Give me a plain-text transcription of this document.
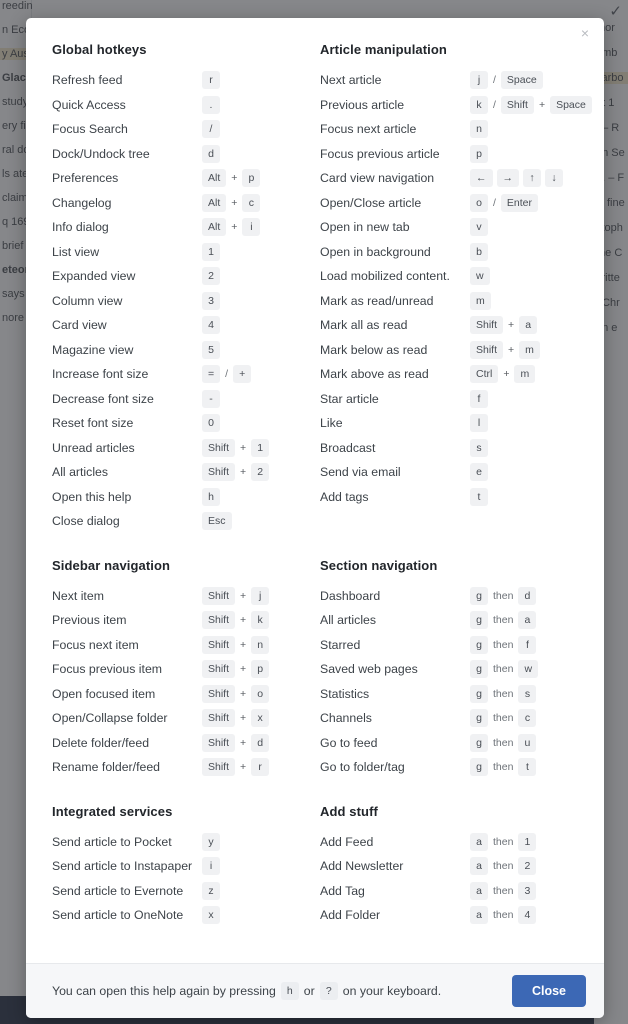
×
Global hotkeys
Refresh feed	r
Quick Access	.
Focus Search	/
Dock/Undock tree	d
Preferences	Alt	+	p
Changelog	Alt	+	c
Info dialog	Alt	+	i
List view	1
Expanded view	2
Column view	3
Card view	4
Magazine view	5
Increase font size	=	/	+
Decrease font size	-
Reset font size	0
Unread articles	Shift	+	1
All articles	Shift	+	2
Open this help	h
Close dialog	Esc
Article manipulation
Next article	j	/	Space
Previous article	k	/	Shift	+	Space
Focus next article	n
Focus previous article	p
Card view navigation	←	→	↑	↓
Open/Close article	o	/	Enter
Open in new tab	v
Open in background	b
Load mobilized content.	w
Mark as read/unread	m
Mark all as read	Shift	+	a
Mark below as read	Shift	+	m
Mark above as read	Ctrl	+	m
Star article	f
Like	l
Broadcast	s
Send via email	e
Add tags	t
Sidebar navigation
Next item	Shift	+	j
Previous item	Shift	+	k
Focus next item	Shift	+	n
Focus previous item	Shift	+	p
Open focused item	Shift	+	o
Open/Collapse folder	Shift	+	x
Delete folder/feed	Shift	+	d
Rename folder/feed	Shift	+	r
Section navigation
Dashboard	g	then	d
All articles	g	then	a
Starred	g	then	f
Saved web pages	g	then	w
Statistics	g	then	s
Channels	g	then	c
Go to feed	g	then	u
Go to folder/tag	g	then	t
Integrated services
Send article to Pocket	y
Send article to Instapaper	i
Send article to Evernote	z
Send article to OneNote	x
Add stuff
Add Feed	a	then	1
Add Newsletter	a	then	2
Add Tag	a	then	3
Add Folder	a	then	4
You can open this help again by pressing	h or	? on your keyboard.	Close
